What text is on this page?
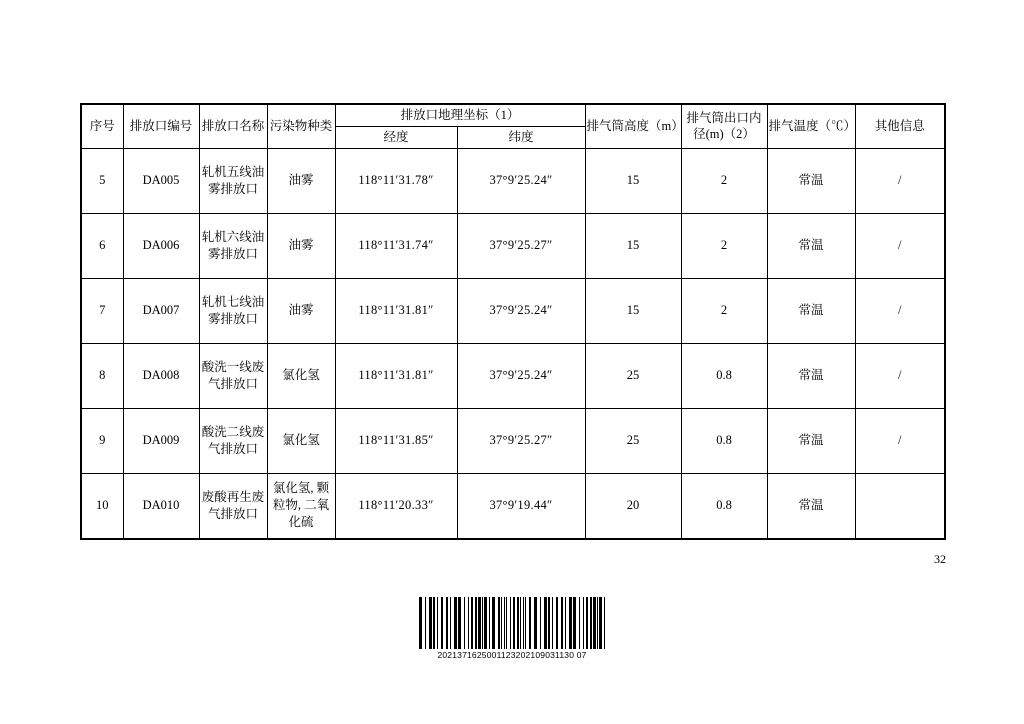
序号	排放口编号	排放口名称	污染物种类	排放口地理坐标（1）		排气筒高度（m）	排气筒出口内径(m)（2）	排气温度（℃）	其他信息
				经度	纬度				
5	DA005	轧机五线油雾排放口	油雾	118°11′31.78″	37°9′25.24″	15	2	常温	/
6	DA006	轧机六线油雾排放口	油雾	118°11′31.74″	37°9′25.27″	15	2	常温	/
7	DA007	轧机七线油雾排放口	油雾	118°11′31.81″	37°9′25.24″	15	2	常温	/
8	DA008	酸洗一线废气排放口	氯化氢	118°11′31.81″	37°9′25.24″	25	0.8	常温	/
9	DA009	酸洗二线废气排放口	氯化氢	118°11′31.85″	37°9′25.27″	25	0.8	常温	/
10	DA010	废酸再生废气排放口	氯化氢, 颗粒物, 二氧化硫	118°11′20.33″	37°9′19.44″	20	0.8	常温	
32
2021371625001123202109031130 07
